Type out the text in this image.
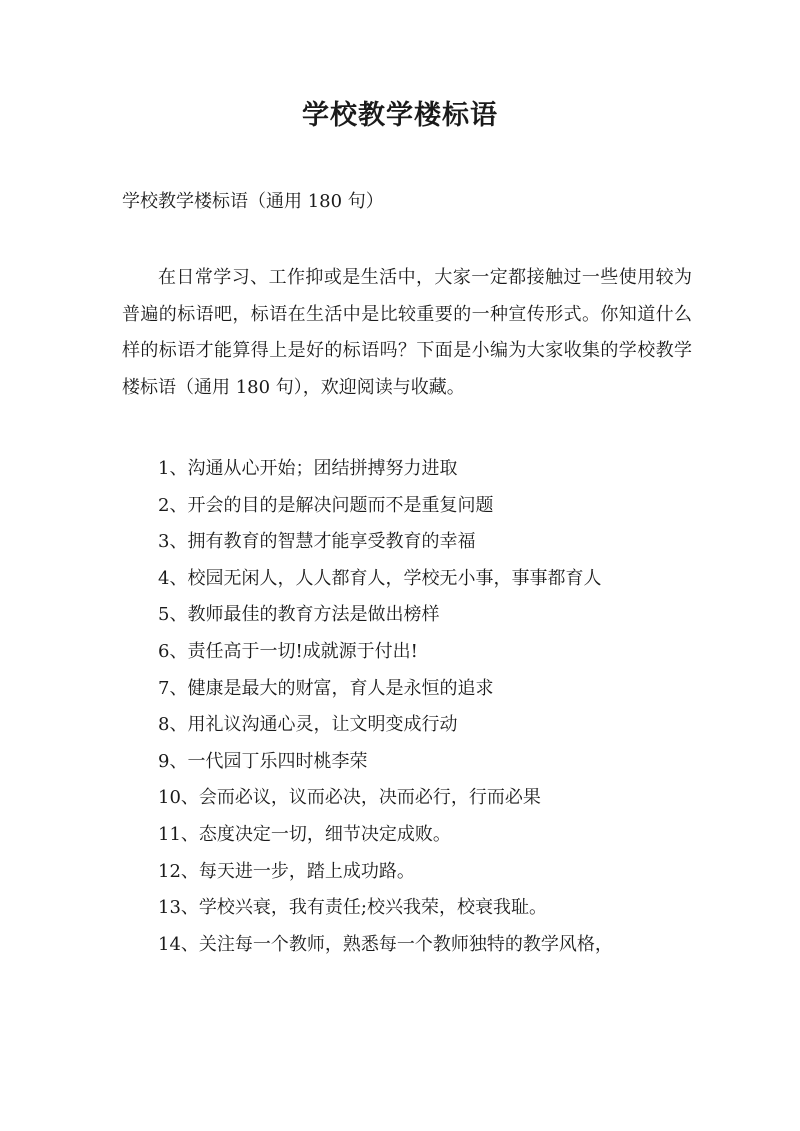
学校教学楼标语
学校教学楼标语（通用 180 句）

在日常学习、工作抑或是生活中，大家一定都接触过一些使用较为普遍的标语吧，标语在生活中是比较重要的一种宣传形式。你知道什么样的标语才能算得上是好的标语吗？下面是小编为大家收集的学校教学楼标语（通用 180 句），欢迎阅读与收藏。

1、沟通从心开始；团结拼搏努力进取
2、开会的目的是解决问题而不是重复问题
3、拥有教育的智慧才能享受教育的幸福
4、校园无闲人，人人都育人，学校无小事，事事都育人
5、教师最佳的教育方法是做出榜样
6、责任高于一切!成就源于付出!
7、健康是最大的财富，育人是永恒的追求
8、用礼议沟通心灵，让文明变成行动
9、一代园丁乐四时桃李荣
10、会而必议，议而必决，决而必行，行而必果
11、态度决定一切，细节决定成败。
12、每天进一步，踏上成功路。
13、学校兴衰，我有责任;校兴我荣，校衰我耻。
14、关注每一个教师，熟悉每一个教师独特的教学风格，
